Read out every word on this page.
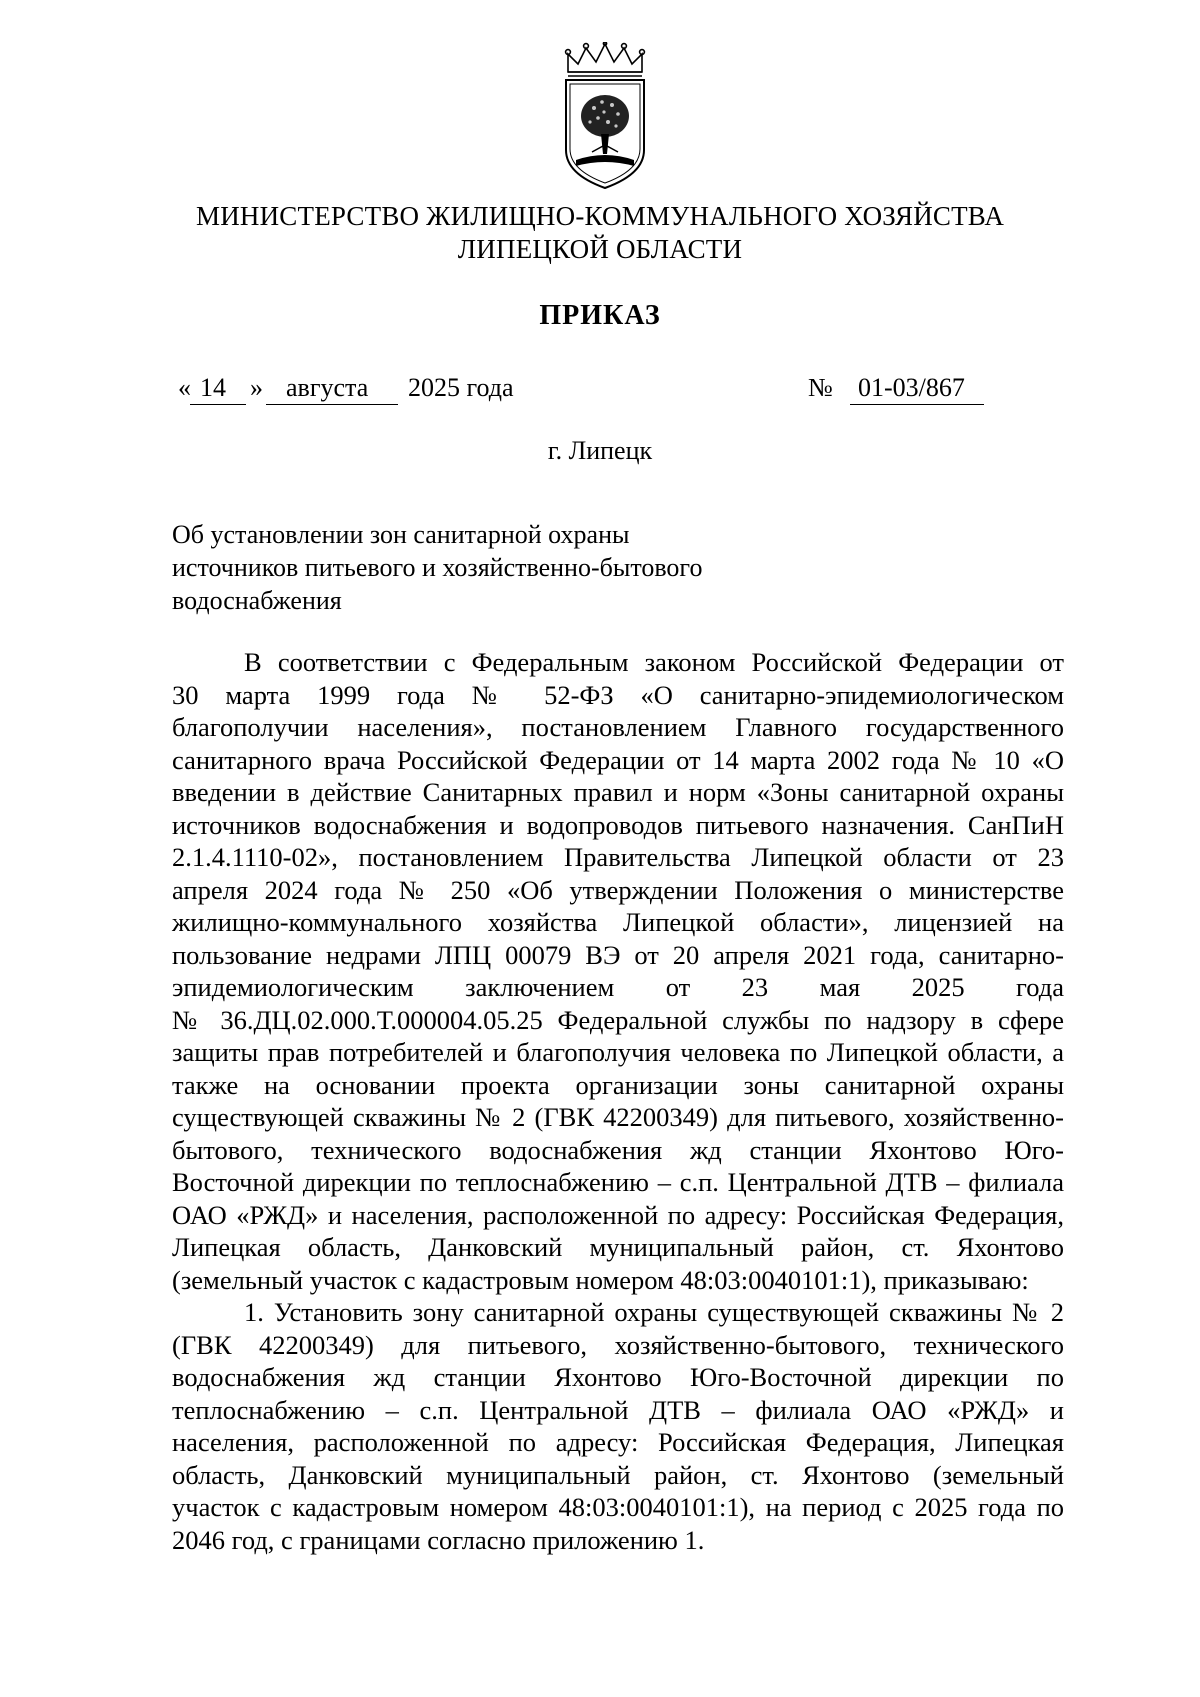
МИНИСТЕРСТВО ЖИЛИЩНО-КОММУНАЛЬНОГО ХОЗЯЙСТВА
ЛИПЕЦКОЙ ОБЛАСТИ
ПРИКАЗ
« 14 » августа 2025 года	№ 01-03/867
г. Липецк
Об установлении зон санитарной охраны
источников питьевого и хозяйственно-бытового
водоснабжения
В соответствии с Федеральным законом Российской Федерации от
30 марта 1999 года № 52-ФЗ «О санитарно-эпидемиологическом
благополучии населения», постановлением Главного государственного
санитарного врача Российской Федерации от 14 марта 2002 года № 10 «О
введении в действие Санитарных правил и норм «Зоны санитарной охраны
источников водоснабжения и водопроводов питьевого назначения. СанПиН
2.1.4.1110-02», постановлением Правительства Липецкой области от 23
апреля 2024 года № 250 «Об утверждении Положения о министерстве
жилищно-коммунального хозяйства Липецкой области», лицензией на
пользование недрами ЛПЦ 00079 ВЭ от 20 апреля 2021 года, санитарно-
эпидемиологическим заключением от 23 мая 2025 года
№ 36.ДЦ.02.000.Т.000004.05.25 Федеральной службы по надзору в сфере
защиты прав потребителей и благополучия человека по Липецкой области, а
также на основании проекта организации зоны санитарной охраны
существующей скважины № 2 (ГВК 42200349) для питьевого, хозяйственно-
бытового, технического водоснабжения жд станции Яхонтово Юго-
Восточной дирекции по теплоснабжению – с.п. Центральной ДТВ – филиала
ОАО «РЖД» и населения, расположенной по адресу: Российская Федерация,
Липецкая область, Данковский муниципальный район, ст. Яхонтово
(земельный участок с кадастровым номером 48:03:0040101:1), приказываю:
1. Установить зону санитарной охраны существующей скважины № 2
(ГВК 42200349) для питьевого, хозяйственно-бытового, технического
водоснабжения жд станции Яхонтово Юго-Восточной дирекции по
теплоснабжению – с.п. Центральной ДТВ – филиала ОАО «РЖД» и
населения, расположенной по адресу: Российская Федерация, Липецкая
область, Данковский муниципальный район, ст. Яхонтово (земельный
участок с кадастровым номером 48:03:0040101:1), на период с 2025 года по
2046 год, с границами согласно приложению 1.
